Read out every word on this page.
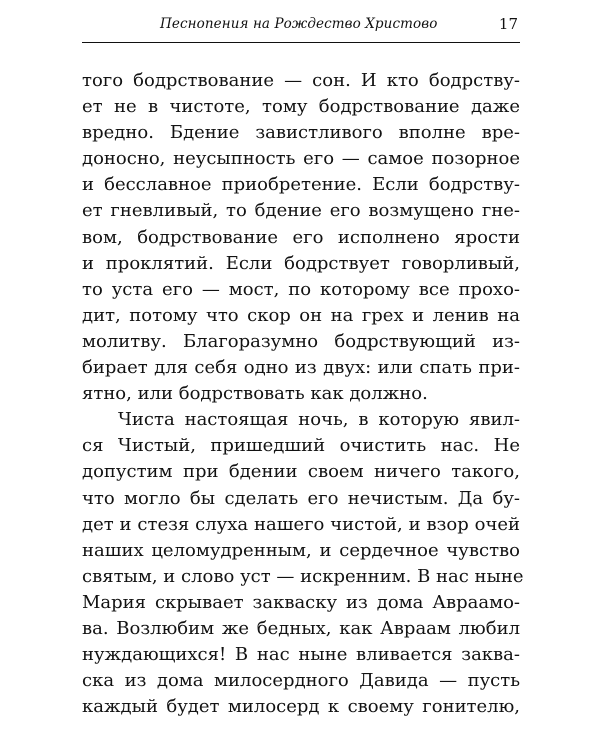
Песнопения на Рождество Христово	17
того бодрствование — сон. И кто бодрству-
ет не в чистоте, тому бодрствование даже
вредно. Бдение завистливого вполне вре-
доносно, неусыпность его — самое позорное
и бесславное приобретение. Если бодрству-
ет гневливый, то бдение его возмущено гне-
вом, бодрствование его исполнено ярости
и проклятий. Если бодрствует говорливый,
то уста его — мост, по которому все прохо-
дит, потому что скор он на грех и ленив на
молитву. Благоразумно бодрствующий из-
бирает для себя одно из двух: или спать при-
ятно, или бодрствовать как должно.
Чиста настоящая ночь, в которую явил-
ся Чистый, пришедший очистить нас. Не
допустим при бдении своем ничего такого,
что могло бы сделать его нечистым. Да бу-
дет и стезя слуха нашего чистой, и взор очей
наших целомудренным, и сердечное чувство
святым, и слово уст — искренним. В нас ныне
Мария скрывает закваску из дома Авраамо-
ва. Возлюбим же бедных, как Авраам любил
нуждающихся! В нас ныне вливается заква-
ска из дома милосердного Давида — пусть
каждый будет милосерд к своему гонителю,
